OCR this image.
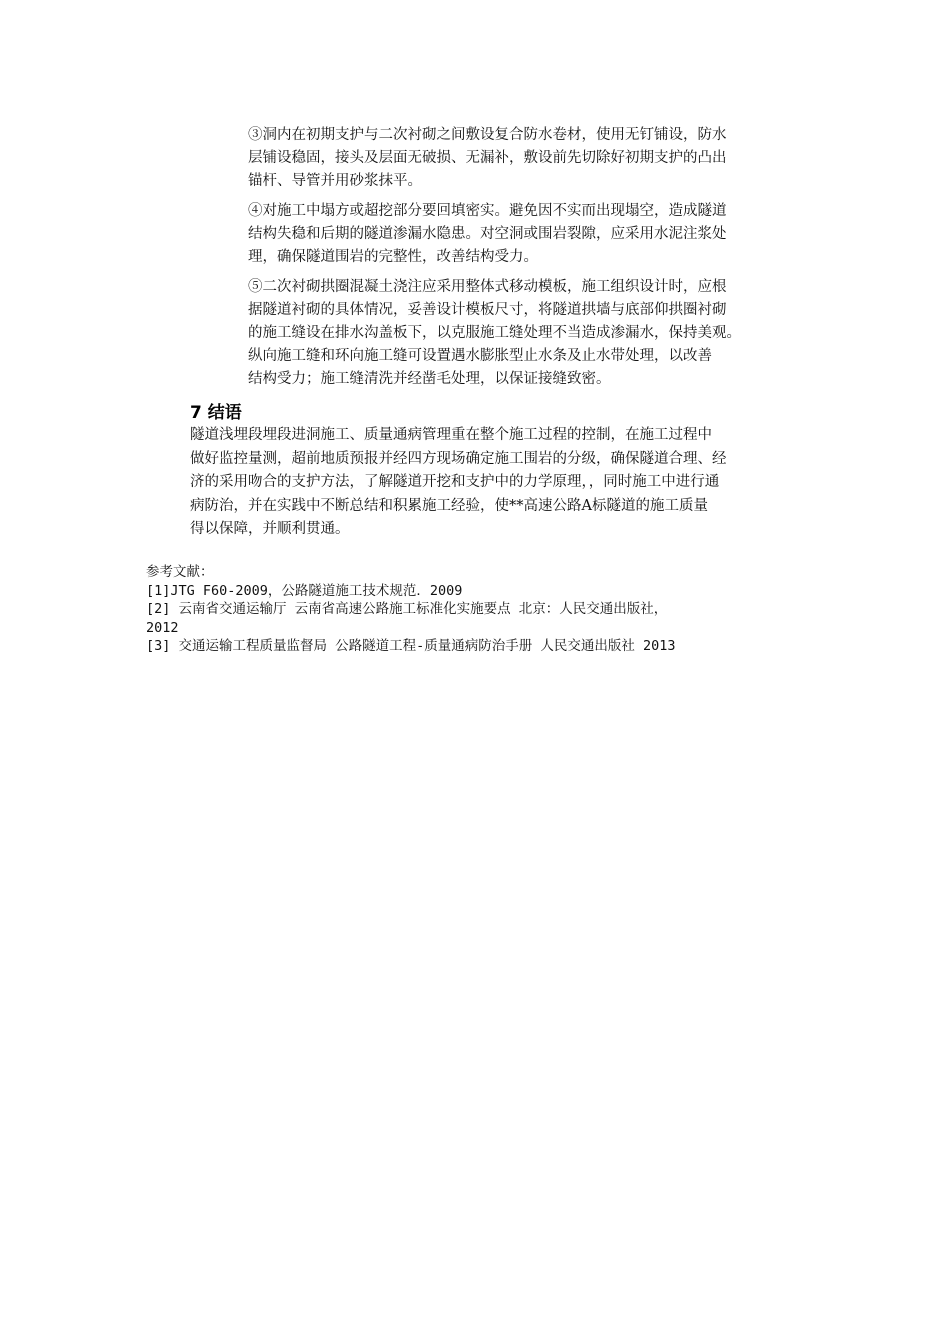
③洞内在初期支护与二次衬砌之间敷设复合防水卷材，使用无钉铺设，防水
层铺设稳固，接头及层面无破损、无漏补，敷设前先切除好初期支护的凸出
锚杆、导管并用砂浆抹平。
④对施工中塌方或超挖部分要回填密实。避免因不实而出现塌空，造成隧道
结构失稳和后期的隧道渗漏水隐患。对空洞或围岩裂隙，应采用水泥注浆处
理，确保隧道围岩的完整性，改善结构受力。
⑤二次衬砌拱圈混凝土浇注应采用整体式移动模板，施工组织设计时，应根
据隧道衬砌的具体情况，妥善设计模板尺寸，将隧道拱墙与底部仰拱圈衬砌
的施工缝设在排水沟盖板下，以克服施工缝处理不当造成渗漏水，保持美观。
纵向施工缝和环向施工缝可设置遇水膨胀型止水条及止水带处理，以改善
结构受力；施工缝清洗并经凿毛处理，以保证接缝致密。
7 结语
隧道浅埋段埋段进洞施工、质量通病管理重在整个施工过程的控制，在施工过程中
做好监控量测，超前地质预报并经四方现场确定施工围岩的分级，确保隧道合理、经
济的采用吻合的支护方法，了解隧道开挖和支护中的力学原理，，同时施工中进行通
病防治，并在实践中不断总结和积累施工经验，使**高速公路A标隧道的施工质量
得以保障，并顺利贯通。
参考文献：
[1]JTG F60-2009，公路隧道施工技术规范．2009
[2] 云南省交通运输厅 云南省高速公路施工标准化实施要点 北京：人民交通出版社，
2012
[3] 交通运输工程质量监督局 公路隧道工程-质量通病防治手册 人民交通出版社 2013
